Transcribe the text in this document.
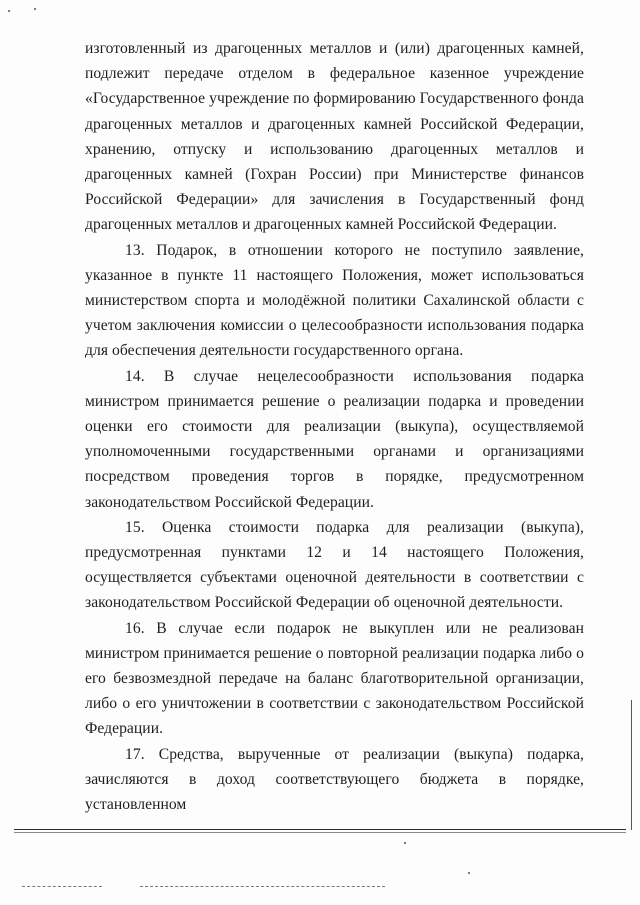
изготовленный из драгоценных металлов и (или) драгоценных камней, подлежит передаче отделом в федеральное казенное учреждение «Государственное учреждение по формированию Государственного фонда драгоценных металлов и драгоценных камней Российской Федерации, хранению, отпуску и использованию драгоценных металлов и драгоценных камней (Гохран России) при Министерстве финансов Российской Федерации» для зачисления в Государственный фонд драгоценных металлов и драгоценных камней Российской Федерации.

13. Подарок, в отношении которого не поступило заявление, указанное в пункте 11 настоящего Положения, может использоваться министерством спорта и молодёжной политики Сахалинской области с учетом заключения комиссии о целесообразности использования подарка для обеспечения деятельности государственного органа.

14. В случае нецелесообразности использования подарка министром принимается решение о реализации подарка и проведении оценки его стоимости для реализации (выкупа), осуществляемой уполномоченными государственными органами и организациями посредством проведения торгов в порядке, предусмотренном законодательством Российской Федерации.

15. Оценка стоимости подарка для реализации (выкупа), предусмотренная пунктами 12 и 14 настоящего Положения, осуществляется субъектами оценочной деятельности в соответствии с законодательством Российской Федерации об оценочной деятельности.

16. В случае если подарок не выкуплен или не реализован министром принимается решение о повторной реализации подарка либо о его безвозмездной передаче на баланс благотворительной организации, либо о его уничтожении в соответствии с законодательством Российской Федерации.

17. Средства, вырученные от реализации (выкупа) подарка, зачисляются в доход соответствующего бюджета в порядке, установленном
